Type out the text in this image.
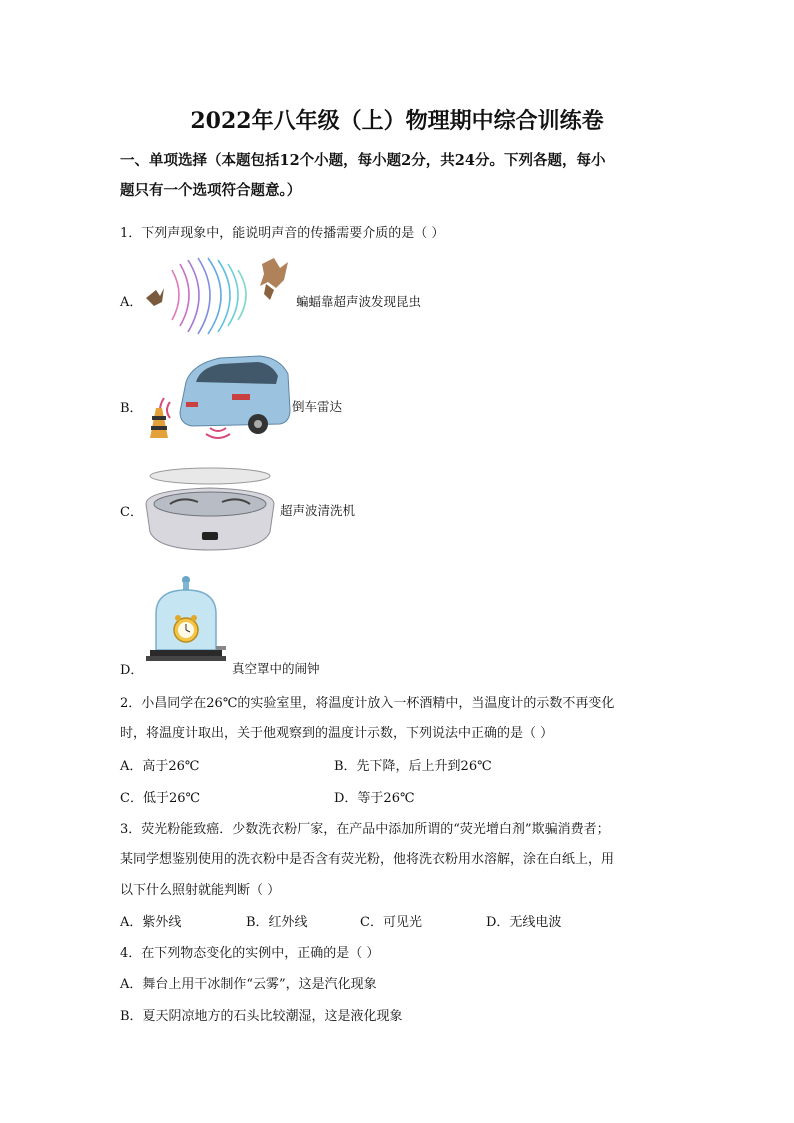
2022年八年级（上）物理期中综合训练卷
一、单项选择（本题包括12个小题，每小题2分，共24分。下列各题，每小
题只有一个选项符合题意。）
1．下列声现象中，能说明声音的传播需要介质的是（ ）
A．	蝙蝠靠超声波发现昆虫
B．	倒车雷达
C．	超声波清洗机
D．	真空罩中的闹钟
2．小昌同学在26℃的实验室里，将温度计放入一杯酒精中，当温度计的示数不再变化
时，将温度计取出，关于他观察到的温度计示数，下列说法中正确的是（ ）
A．高于26℃	B．先下降，后上升到26℃
C．低于26℃	D．等于26℃
3．荧光粉能致癌．少数洗衣粉厂家，在产品中添加所谓的“荧光增白剂”欺骗消费者；
某同学想鉴别使用的洗衣粉中是否含有荧光粉，他将洗衣粉用水溶解，涂在白纸上，用
以下什么照射就能判断（ ）
A．紫外线	B．红外线	C．可见光	D．无线电波
4．在下列物态变化的实例中，正确的是（ ）
A．舞台上用干冰制作“云雾”，这是汽化现象
B．夏天阴凉地方的石头比较潮湿，这是液化现象
